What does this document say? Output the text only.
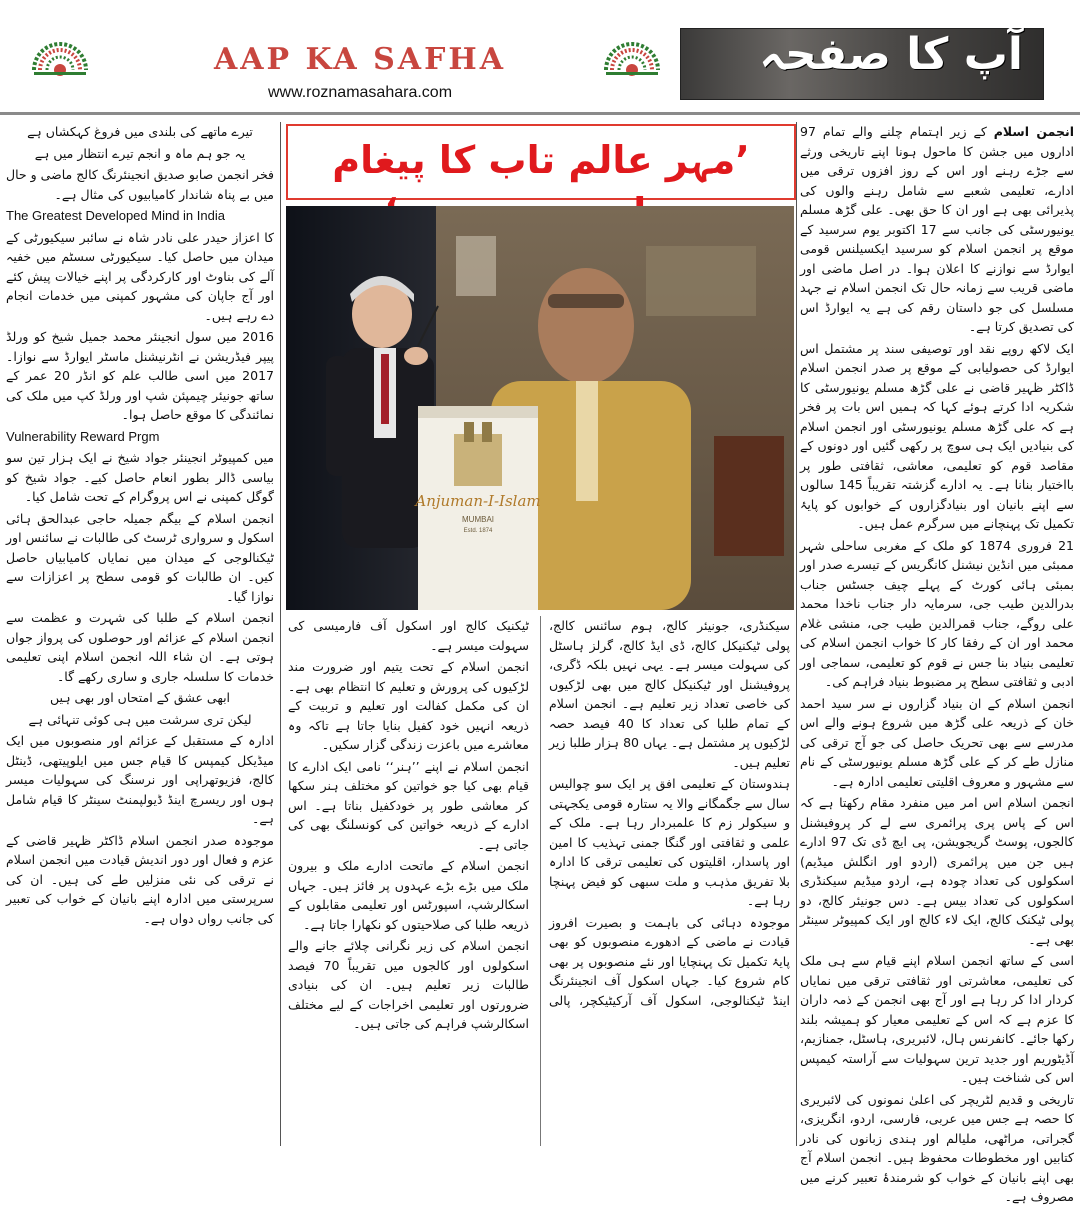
AAP KA SAFHA
www.roznamasahara.com
آپ کا صفحہ
’مہر عالم تاب کا پیغام
Anjuman-I-Islam
MUMBAI
Estd. 1874

انجمن اسلام کے زیر اہتمام چلنے والے تمام 97 اداروں میں جشن کا ماحول ہونا اپنے تاریخی ورثے سے جڑے رہنے اور اس کے روز افزوں ترقی میں ادارے، تعلیمی شعبے سے شامل رہنے والوں کی پذیرائی بھی ہے اور ان کا حق بھی۔ علی گڑھ مسلم یونیورسٹی کی جانب سے 17 اکتوبر یوم سرسید کے موقع پر انجمن اسلام کو سرسید ایکسیلنس قومی ایوارڈ سے نوازنے کا اعلان ہوا۔ در اصل ماضی اور ماضی قریب سے زمانہ حال تک انجمن اسلام نے جہد مسلسل کی جو داستان رقم کی ہے یہ ایوارڈ اس کی تصدیق کرتا ہے۔

ایک لاکھ روپے نقد اور توصیفی سند پر مشتمل اس ایوارڈ کی حصولیابی کے موقع پر صدر انجمن اسلام ڈاکٹر ظہیر قاضی نے علی گڑھ مسلم یونیورسٹی کا شکریہ ادا کرتے ہوئے کہا کہ ہمیں اس بات پر فخر ہے کہ علی گڑھ مسلم یونیورسٹی اور انجمن اسلام کی بنیادیں ایک ہی سوچ پر رکھی گئیں اور دونوں کے مقاصد قوم کو تعلیمی، معاشی، ثقافتی طور پر بااختیار بنانا ہے۔ یہ ادارے گزشتہ تقریباً 145 سالوں سے اپنے بانیان اور بنیادگزاروں کے خوابوں کو پایۂ تکمیل تک پہنچانے میں سرگرم عمل ہیں۔

21 فروری 1874 کو ملک کے مغربی ساحلی شہر ممبئی میں انڈین نیشنل کانگریس کے تیسرے صدر اور بمبئی ہائی کورٹ کے پہلے چیف جسٹس جناب بدرالدین طیب جی، سرمایہ دار جناب ناخدا محمد علی روگے، جناب قمرالدین طیب جی، منشی غلام محمد اور ان کے رفقا کار کا خواب انجمن اسلام کی تعلیمی بنیاد بنا جس نے قوم کو تعلیمی، سماجی اور ادبی و ثقافتی سطح پر مضبوط بنیاد فراہم کی۔

انجمن اسلام کے ان بنیاد گزاروں نے سر سید احمد خان کے ذریعہ علی گڑھ میں شروع ہونے والے اس مدرسے سے بھی تحریک حاصل کی جو آج ترقی کی منازل طے کر کے علی گڑھ مسلم یونیورسٹی کے نام سے مشہور و معروف اقلیتی تعلیمی ادارہ ہے۔

انجمن اسلام اس امر میں منفرد مقام رکھتا ہے کہ اس کے پاس پری پرائمری سے لے کر پروفیشنل کالجوں، پوسٹ گریجویشن، پی ایچ ڈی تک 97 ادارے ہیں جن میں پرائمری (اردو اور انگلش میڈیم) اسکولوں کی تعداد چودہ ہے، اردو میڈیم سیکنڈری اسکولوں کی تعداد بیس ہے۔ دس جونیئر کالج، دو پولی ٹیکنک کالج، ایک لاء کالج اور ایک کمپیوٹر سینٹر بھی ہے۔

اسی کے ساتھ انجمن اسلام اپنے قیام سے ہی ملک کی تعلیمی، معاشرتی اور ثقافتی ترقی میں نمایاں کردار ادا کر رہا ہے اور آج بھی انجمن کے ذمہ داران کا عزم ہے کہ اس کے تعلیمی معیار کو ہمیشہ بلند رکھا جائے۔ کانفرنس ہال، لائبریری، ہاسٹل، جمنازیم، آڈیٹوریم اور جدید ترین سہولیات سے آراستہ کیمپس اس کی شناخت ہیں۔

تاریخی و قدیم لٹریچر کی اعلیٰ نمونوں کی لائبریری کا حصہ ہے جس میں عربی، فارسی، اردو، انگریزی، گجراتی، مراٹھی، ملیالم اور ہندی زبانوں کی نادر کتابیں اور مخطوطات محفوظ ہیں۔ انجمن اسلام آج بھی اپنے بانیان کے خواب کو شرمندۂ تعبیر کرنے میں مصروف ہے۔

سیکنڈری، جونیئر کالج، ہوم سائنس کالج، پولی ٹیکنیکل کالج، ڈی ایڈ کالج، گرلز ہاسٹل کی سہولت میسر ہے۔ یہی نہیں بلکہ ڈگری، پروفیشنل اور ٹیکنیکل کالج میں بھی لڑکیوں کی خاصی تعداد زیر تعلیم ہے۔ انجمن اسلام کے تمام طلبا کی تعداد کا 40 فیصد حصہ لڑکیوں پر مشتمل ہے۔ یہاں 80 ہزار طلبا زیر تعلیم ہیں۔

ہندوستان کے تعلیمی افق پر ایک سو چوالیس سال سے جگمگانے والا یہ ستارہ قومی یکجہتی و سیکولر زم کا علمبردار رہا ہے۔ ملک کے علمی و ثقافتی اور گنگا جمنی تہذیب کا امین اور پاسدار، اقلیتوں کی تعلیمی ترقی کا ادارہ بلا تفریق مذہب و ملت سبھی کو فیض پہنچا رہا ہے۔

موجودہ دہائی کی باہمت و بصیرت افروز قیادت نے ماضی کے ادھورے منصوبوں کو بھی پایۂ تکمیل تک پہنچایا اور نئے منصوبوں پر بھی کام شروع کیا۔ جہاں اسکول آف انجینئرنگ اینڈ ٹیکنالوجی، اسکول آف آرکیٹیکچر، پالی ٹیکنیک کالج اور اسکول آف فارمیسی کی سہولت میسر ہے۔

انجمن اسلام کے تحت یتیم اور ضرورت مند لڑکیوں کی پرورش و تعلیم کا انتظام بھی ہے۔ ان کی مکمل کفالت اور تعلیم و تربیت کے ذریعہ انہیں خود کفیل بنایا جاتا ہے تاکہ وہ معاشرے میں باعزت زندگی گزار سکیں۔

انجمن اسلام نے اپنے ’’ہنر‘‘ نامی ایک ادارے کا قیام بھی کیا جو خواتین کو مختلف ہنر سکھا کر معاشی طور پر خودکفیل بناتا ہے۔ اس ادارے کے ذریعہ خواتین کی کونسلنگ بھی کی جاتی ہے۔

انجمن اسلام کے ماتحت ادارے ملک و بیرون ملک میں بڑے بڑے عہدوں پر فائز ہیں۔ جہاں اسکالرشپ، اسپورٹس اور تعلیمی مقابلوں کے ذریعہ طلبا کی صلاحیتوں کو نکھارا جاتا ہے۔

انجمن اسلام کی زیر نگرانی چلائے جانے والے اسکولوں اور کالجوں میں تقریباً 70 فیصد طالبات زیر تعلیم ہیں۔ ان کی بنیادی ضرورتوں اور تعلیمی اخراجات کے لیے مختلف اسکالرشپ فراہم کی جاتی ہیں۔

تیرے ماتھے کی بلندی میں فروغ کہکشاں ہے

یہ جو ہم ماہ و انجم تیرے انتظار میں ہے

فخر انجمن صابو صدیق انجینئرنگ کالج ماضی و حال میں بے پناہ شاندار کامیابیوں کی مثال ہے۔

The Greatest Developed Mind in India

کا اعزاز حیدر علی نادر شاہ نے سائبر سیکیورٹی کے میدان میں حاصل کیا۔ سیکیورٹی سسٹم میں خفیہ آلے کی بناوٹ اور کارکردگی پر اپنے خیالات پیش کئے اور آج جاپان کی مشہور کمپنی میں خدمات انجام دے رہے ہیں۔

2016 میں سول انجینئر محمد جمیل شیخ کو ورلڈ پیپر فیڈریشن نے انٹرنیشنل ماسٹر ایوارڈ سے نوازا۔ 2017 میں اسی طالب علم کو انڈر 20 عمر کے ساتھ جونیئر چیمپئن شپ اور ورلڈ کپ میں ملک کی نمائندگی کا موقع حاصل ہوا۔

Vulnerability Reward Prgm

میں کمپیوٹر انجینئر جواد شیخ نے ایک ہزار تین سو بیاسی ڈالر بطور انعام حاصل کیے۔ جواد شیخ کو گوگل کمپنی نے اس پروگرام کے تحت شامل کیا۔

انجمن اسلام کے بیگم جمیلہ حاجی عبدالحق ہائی اسکول و سرواری ٹرسٹ کی طالبات نے سائنس اور ٹیکنالوجی کے میدان میں نمایاں کامیابیاں حاصل کیں۔ ان طالبات کو قومی سطح پر اعزازات سے نوازا گیا۔

انجمن اسلام کے طلبا کی شہرت و عظمت سے انجمن اسلام کے عزائم اور حوصلوں کی پرواز جواں ہوتی ہے۔ ان شاء اللہ انجمن اسلام اپنی تعلیمی خدمات کا سلسلہ جاری و ساری رکھے گا۔

ابھی عشق کے امتحاں اور بھی ہیں

لیکن تری سرشت میں ہی کوئی تنہائی ہے

ادارہ کے مستقبل کے عزائم اور منصوبوں میں ایک میڈیکل کیمپس کا قیام جس میں ایلوپیتھی، ڈینٹل کالج، فزیوتھراپی اور نرسنگ کی سہولیات میسر ہوں اور ریسرچ اینڈ ڈیولپمنٹ سینٹر کا قیام شامل ہے۔

موجودہ صدر انجمن اسلام ڈاکٹر ظہیر قاضی کے عزم و فعال اور دور اندیش قیادت میں انجمن اسلام نے ترقی کی نئی منزلیں طے کی ہیں۔ ان کی سرپرستی میں ادارہ اپنے بانیان کے خواب کی تعبیر کی جانب رواں دواں ہے۔
